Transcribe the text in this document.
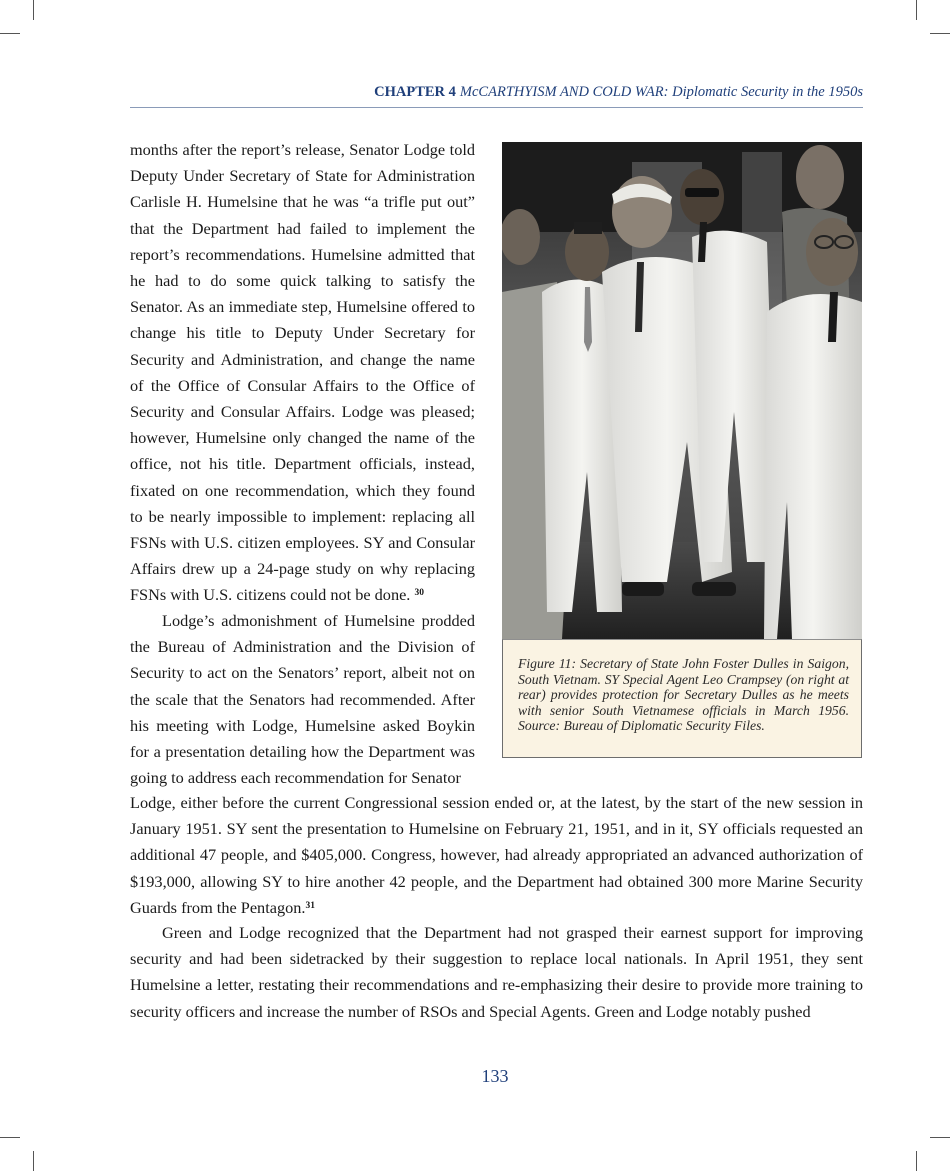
CHAPTER 4 McCARTHYISM AND COLD WAR: Diplomatic Security in the 1950s

months after the report’s release, Senator Lodge told Deputy Under Secretary of State for Administration Carlisle H. Humelsine that he was “a trifle put out” that the Department had failed to implement the report’s recommendations. Humelsine admitted that he had to do some quick talking to satisfy the Senator. As an immediate step, Humelsine offered to change his title to Deputy Under Secretary for Security and Administration, and change the name of the Office of Consular Affairs to the Office of Security and Consular Affairs. Lodge was pleased; however, Humelsine only changed the name of the office, not his title. Department officials, instead, fixated on one recommendation, which they found to be nearly impossible to implement: replacing all FSNs with U.S. citizen employees. SY and Consular Affairs drew up a 24-page study on why replacing FSNs with U.S. citizens could not be done. $^{30}$

Lodge’s admonishment of Humelsine prodded the Bureau of Administration and the Division of Security to act on the Senators’ report, albeit not on the scale that the Senators had recommended. After his meeting with Lodge, Humelsine asked Boykin for a presentation detailing how the Department was going to address each recommendation for Senator

Lodge, either before the current Congressional session ended or, at the latest, by the start of the new session in January 1951. SY sent the presentation to Humelsine on February 21, 1951, and in it, SY officials requested an additional 47 people, and $405,000. Congress, however, had already appropriated an advanced authorization of $193,000, allowing SY to hire another 42 people, and the Department had obtained 300 more Marine Security Guards from the Pentagon.$^{31}$

Green and Lodge recognized that the Department had not grasped their earnest support for improving security and had been sidetracked by their suggestion to replace local nationals. In April 1951, they sent Humelsine a letter, restating their recommendations and re-emphasizing their desire to provide more training to security officers and increase the number of RSOs and Special Agents. Green and Lodge notably pushed

Figure 11: Secretary of State John Foster Dulles in Saigon, South Vietnam. SY Special Agent Leo Crampsey (on right at rear) provides protection for Secretary Dulles as he meets with senior South Vietnamese officials in March 1956. Source: Bureau of Diplomatic Security Files.

133
